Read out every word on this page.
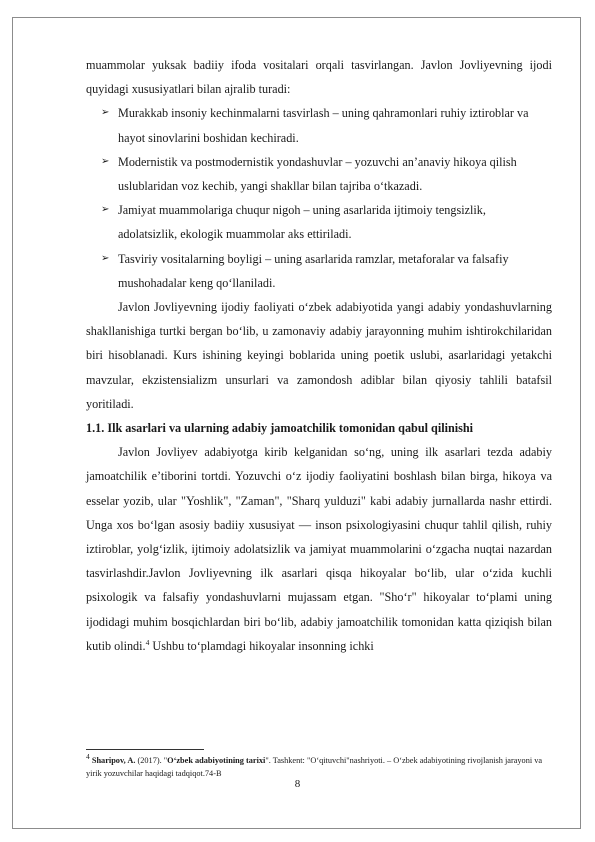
muammolar yuksak badiiy ifoda vositalari orqali tasvirlangan. Javlon Jovliyevning ijodi quyidagi xususiyatlari bilan ajralib turadi:

➢ Murakkab insoniy kechinmalarni tasvirlash – uning qahramonlari ruhiy iztiroblar va hayot sinovlarini boshidan kechiradi.
➢ Modernistik va postmodernistik yondashuvlar – yozuvchi an’anaviy hikoya qilish uslublaridan voz kechib, yangi shakllar bilan tajriba o‘tkazadi.
➢ Jamiyat muammolariga chuqur nigoh – uning asarlarida ijtimoiy tengsizlik, adolatsizlik, ekologik muammolar aks ettiriladi.
➢ Tasviriy vositalarning boyligi – uning asarlarida ramzlar, metaforalar va falsafiy mushohadalar keng qo‘llaniladi.

Javlon Jovliyevning ijodiy faoliyati o‘zbek adabiyotida yangi adabiy yondashuvlarning shakllanishiga turtki bergan bo‘lib, u zamonaviy adabiy jarayonning muhim ishtirokchilaridan biri hisoblanadi. Kurs ishining keyingi boblarida uning poetik uslubi, asarlaridagi yetakchi mavzular, ekzistensializm unsurlari va zamondosh adiblar bilan qiyosiy tahlili batafsil yoritiladi.

1.1. Ilk asarlari va ularning adabiy jamoatchilik tomonidan qabul qilinishi

Javlon Jovliyev adabiyotga kirib kelganidan so‘ng, uning ilk asarlari tezda adabiy jamoatchilik e’tiborini tortdi. Yozuvchi o‘z ijodiy faoliyatini boshlash bilan birga, hikoya va esselar yozib, ular "Yoshlik", "Zaman", "Sharq yulduzi" kabi adabiy jurnallarda nashr ettirdi. Unga xos bo‘lgan asosiy badiiy xususiyat — inson psixologiyasini chuqur tahlil qilish, ruhiy iztiroblar, yolg‘izlik, ijtimoiy adolatsizlik va jamiyat muammolarini o‘zgacha nuqtai nazardan tasvirlashdir.Javlon Jovliyevning ilk asarlari qisqa hikoyalar bo‘lib, ular o‘zida kuchli psixologik va falsafiy yondashuvlarni mujassam etgan. "Sho‘r" hikoyalar to‘plami uning ijodidagi muhim bosqichlardan biri bo‘lib, adabiy jamoatchilik tomonidan katta qiziqish bilan kutib olindi.$^4$ Ushbu to‘plamdagi hikoyalar insonning ichki

$^4$ Sharipov, A. (2017). "O‘zbek adabiyotining tarixi". Tashkent: "O‘qituvchi"nashriyoti. – O‘zbek adabiyotining rivojlanish jarayoni va yirik yozuvchilar haqidagi tadqiqot.74-B
8
